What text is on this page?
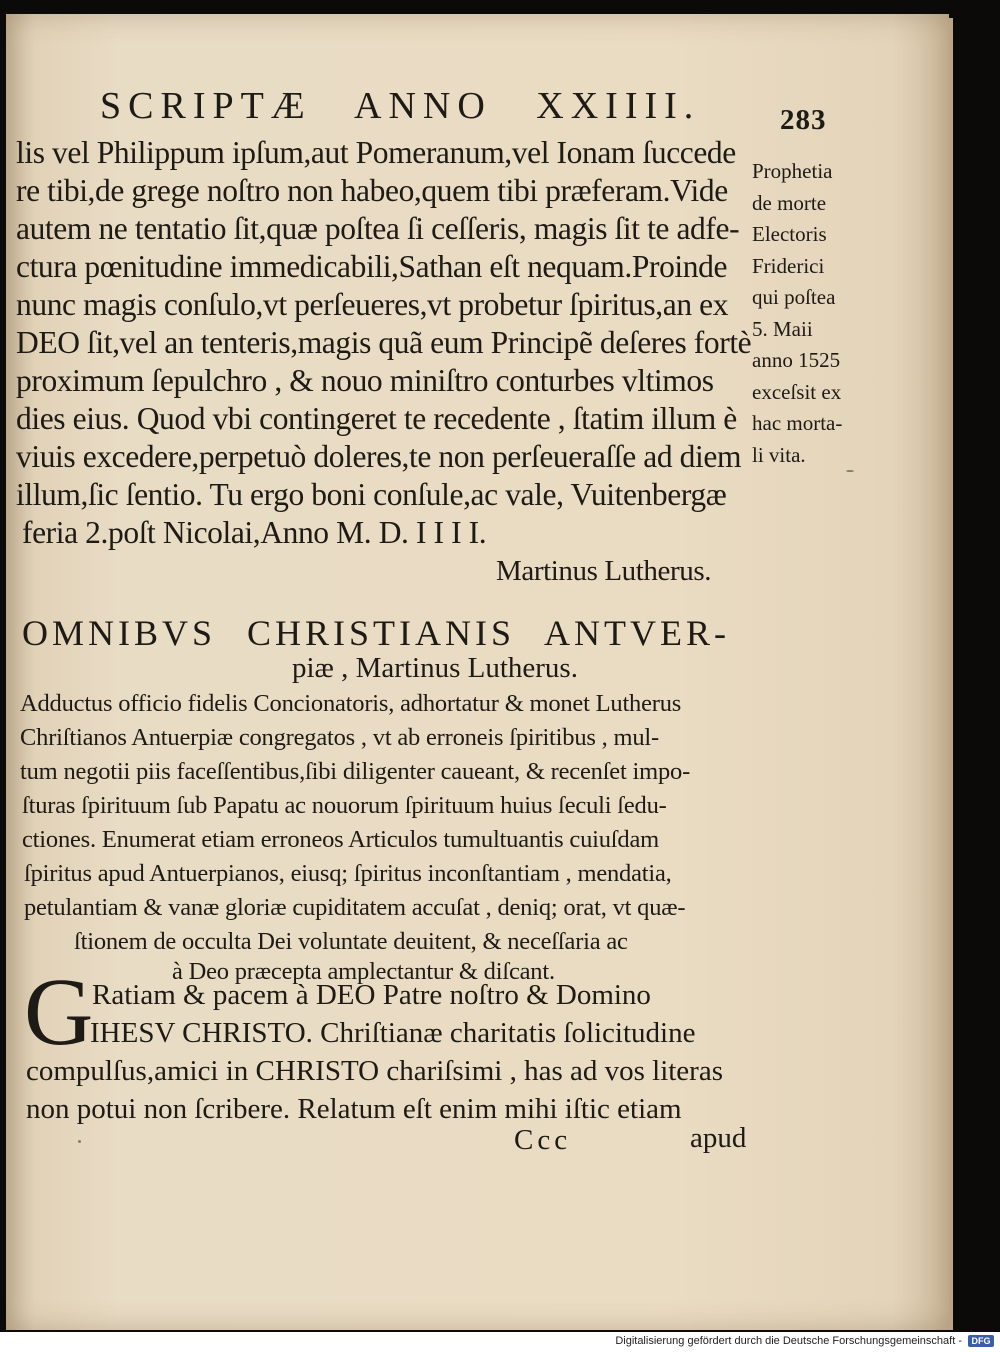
SCRIPTÆ ANNO XXIIII.	283

lis vel Philippum ipſum,aut Pomeranum,vel Ionam ſuccede

re tibi,de grege noſtro non habeo,quem tibi præferam.Vide

autem ne tentatio ſit,quæ poſtea ſi ceſſeris, magis ſit te adfe-

ctura pœnitudine immedicabili,Sathan eſt nequam.Proinde

nunc magis conſulo,vt perſeueres,vt probetur ſpiritus,an ex

DEO ſit,vel an tenteris,magis quã eum Principẽ deſeres fortè

proximum ſepulchro , & nouo miniſtro conturbes vltimos

dies eius. Quod vbi contingeret te recedente , ſtatim illum è

viuis excedere,perpetuò doleres,te non perſeueraſſe ad diem

illum,ſic ſentio. Tu ergo boni conſule,ac vale, Vuitenbergæ

feria 2.poſt Nicolai,Anno M. D. I I I I.

Martinus Lutherus.

Prophetia

de morte

Electoris

Friderici

qui poſtea

5. Maii

anno 1525

exceſsit ex

hac morta-

li vita.

OMNIBVS CHRISTIANIS ANTVER-

piæ , Martinus Lutherus.

Adductus officio fidelis Concionatoris, adhortatur & monet Lutherus

Chriſtianos Antuerpiæ congregatos , vt ab erroneis ſpiritibus , mul-

tum negotii piis faceſſentibus,ſibi diligenter caueant, & recenſet impo-

ſturas ſpirituum ſub Papatu ac nouorum ſpirituum huius ſeculi ſedu-

ctiones. Enumerat etiam erroneos Articulos tumultuantis cuiuſdam

ſpiritus apud Antuerpianos, eiusq; ſpiritus inconſtantiam , mendatia,

petulantiam & vanæ gloriæ cupiditatem accuſat , deniq; orat, vt quæ-

ſtionem de occulta Dei voluntate deuitent, & neceſſaria ac

à Deo præcepta amplectantur & diſcant.

G

Ratiam & pacem à DEO Patre noſtro & Domino

IHESV CHRISTO. Chriſtianæ charitatis ſolicitudine

compulſus,amici in CHRISTO chariſsimi , has ad vos literas

non potui non ſcribere. Relatum eſt enim mihi iſtic etiam

Ccc	apud

Digitalisierung gefördert durch die Deutsche Forschungsgemeinschaft -	DFG
